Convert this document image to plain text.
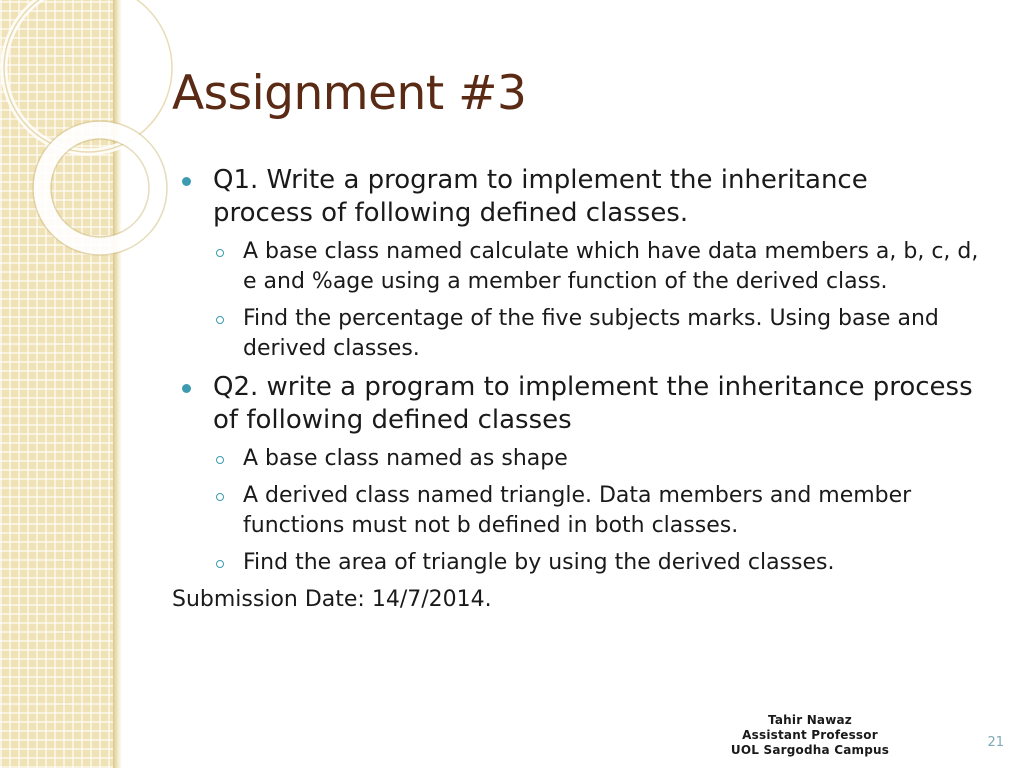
Assignment #3
Q1. Write a program to implement the inheritance process of following defined classes.
A base class named calculate which have data members a, b, c, d, e and %age using a member function of the derived class.
Find the percentage of the five subjects marks. Using base and derived classes.
Q2. write a program to implement the inheritance process of following defined classes
A base class named as shape
A derived class named triangle. Data members and member functions must not b defined in both classes.
Find the area of triangle by using the derived classes.
Submission Date: 14/7/2014.
Tahir Nawaz
Assistant Professor
UOL Sargodha Campus	21
